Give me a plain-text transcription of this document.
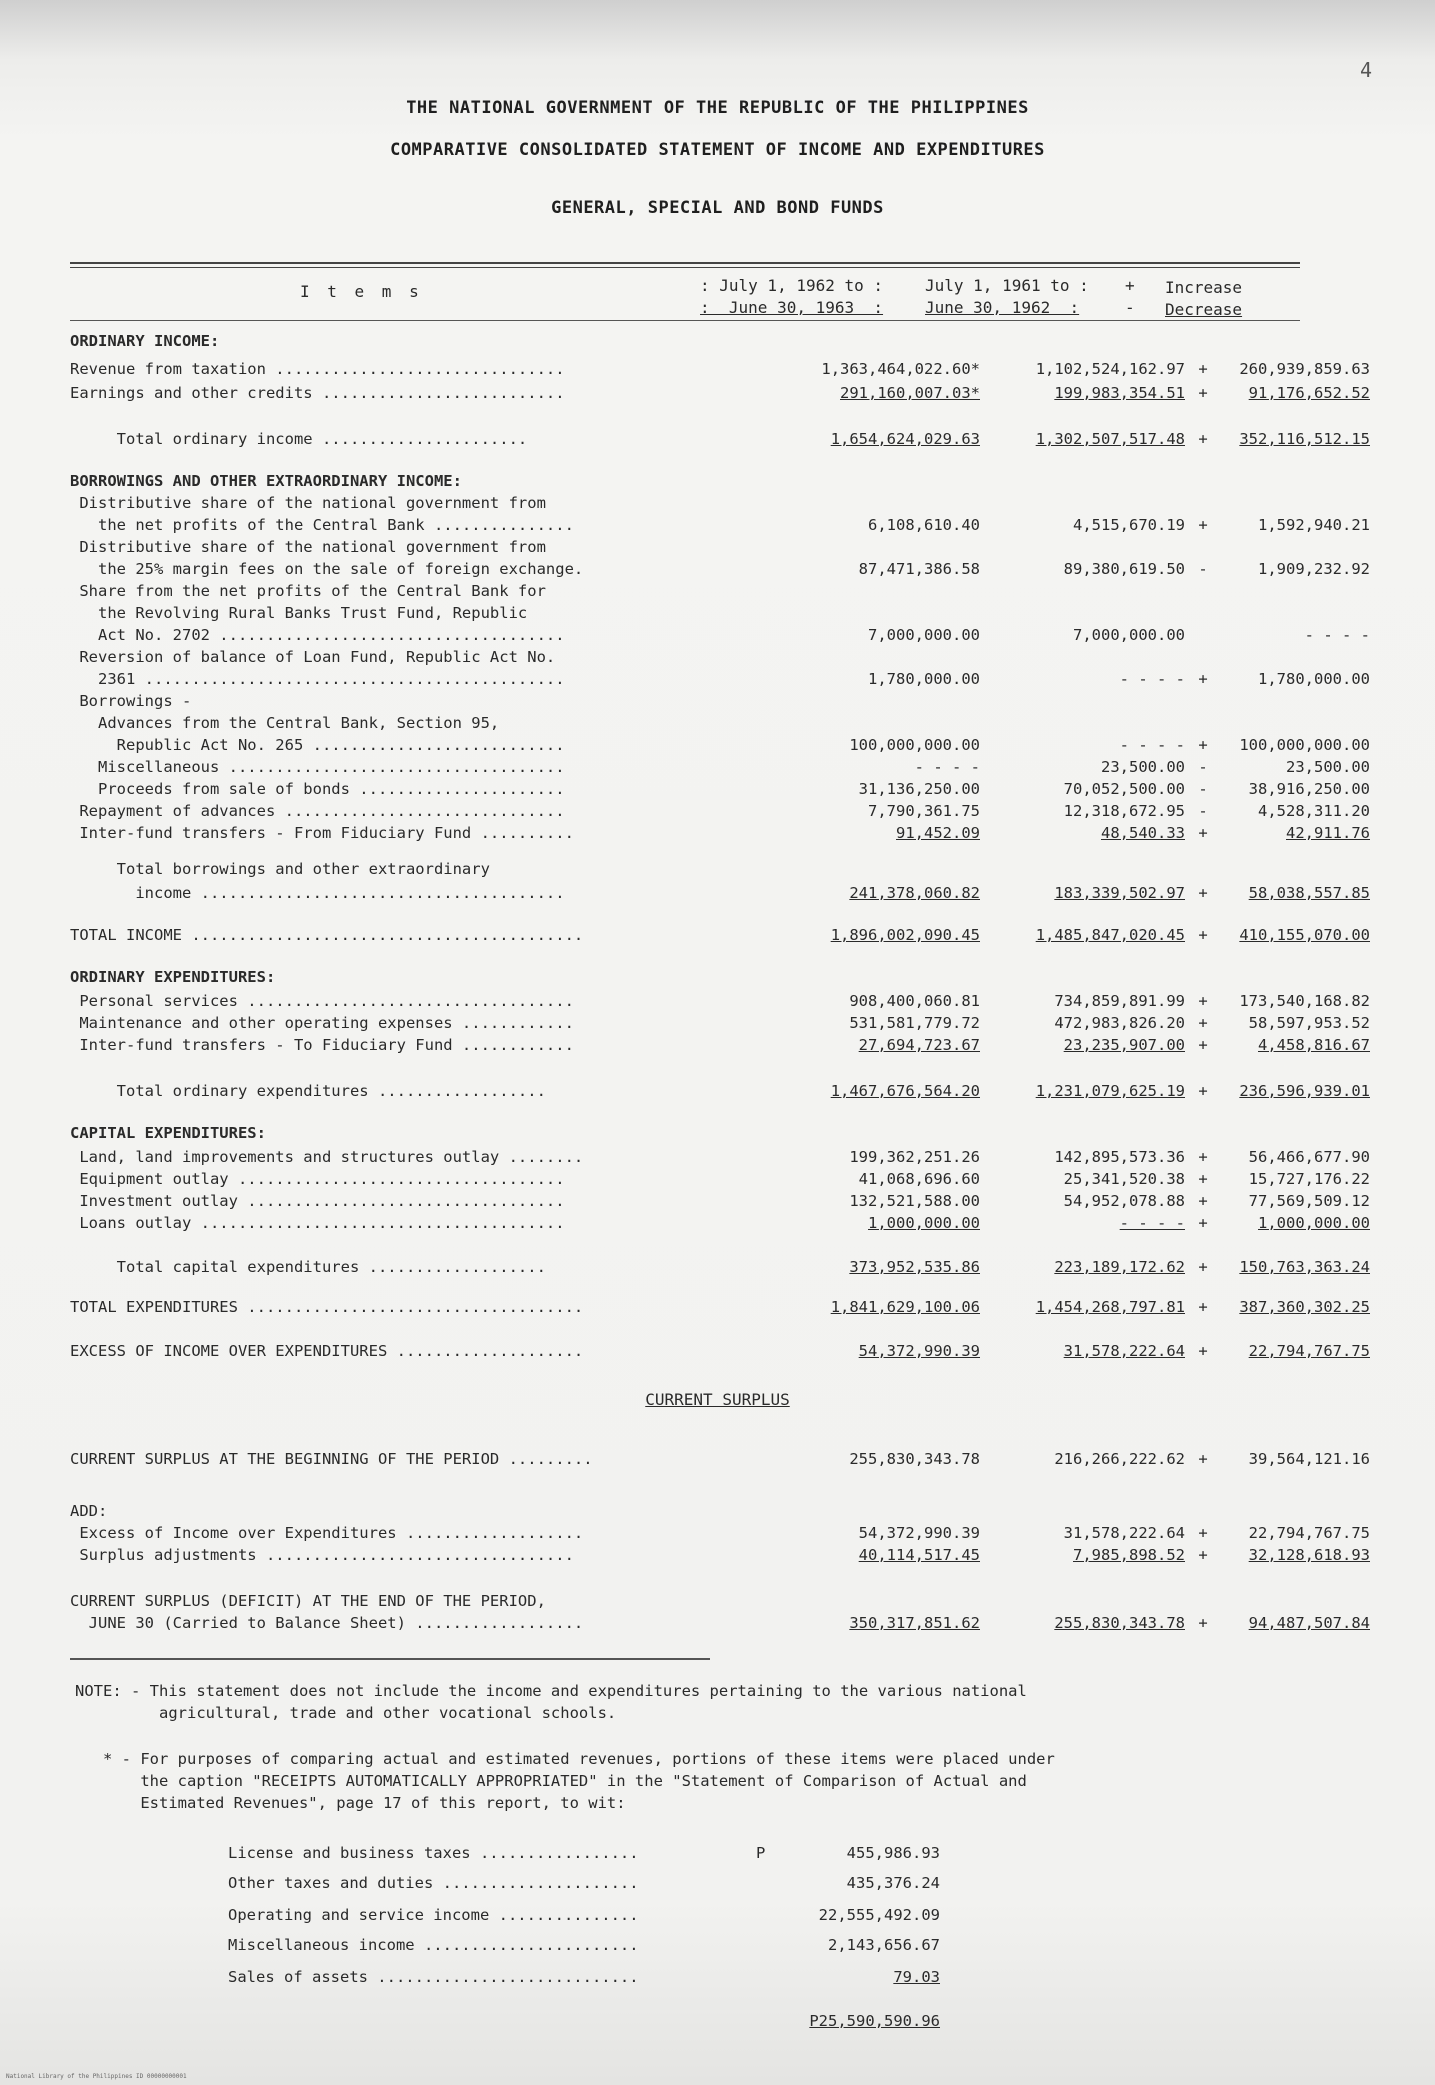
4
THE NATIONAL GOVERNMENT OF THE REPUBLIC OF THE PHILIPPINES
COMPARATIVE CONSOLIDATED STATEMENT OF INCOME AND EXPENDITURES
GENERAL, SPECIAL AND BOND FUNDS
I t e m s	: July 1, 1962 to :
:  June 30, 1963  :
July 1, 1961 to :
June 30, 1962  :
+
-
Increase
Decrease
ORDINARY INCOME:
Revenue from taxation ...............................	1,363,464,022.60*	1,102,524,162.97 +	260,939,859.63
Earnings and other credits ..........................	291,160,007.03*	199,983,354.51 +	91,176,652.52
Total ordinary income ......................	1,654,624,029.63	1,302,507,517.48 +	352,116,512.15
BORROWINGS AND OTHER EXTRAORDINARY INCOME:
Distributive share of the national government from
the net profits of the Central Bank ...............	6,108,610.40	4,515,670.19 +	1,592,940.21
Distributive share of the national government from
the 25% margin fees on the sale of foreign exchange.	87,471,386.58	89,380,619.50 -	1,909,232.92
Share from the net profits of the Central Bank for
the Revolving Rural Banks Trust Fund, Republic
Act No. 2702 .....................................	7,000,000.00	7,000,000.00	- - - -
Reversion of balance of Loan Fund, Republic Act No.
2361 .............................................	1,780,000.00	- - - - +	1,780,000.00
Borrowings -
Advances from the Central Bank, Section 95,
Republic Act No. 265 ...........................	100,000,000.00	- - - - +	100,000,000.00
Miscellaneous ....................................	- - - -	23,500.00 -	23,500.00
Proceeds from sale of bonds ......................	31,136,250.00	70,052,500.00 -	38,916,250.00
Repayment of advances ..............................	7,790,361.75	12,318,672.95 -	4,528,311.20
Inter-fund transfers - From Fiduciary Fund ..........	91,452.09	48,540.33 +	42,911.76
Total borrowings and other extraordinary
income .......................................	241,378,060.82	183,339,502.97 +	58,038,557.85
TOTAL INCOME ..........................................	1,896,002,090.45	1,485,847,020.45 +	410,155,070.00
ORDINARY EXPENDITURES:
Personal services ...................................	908,400,060.81	734,859,891.99 +	173,540,168.82
Maintenance and other operating expenses ............	531,581,779.72	472,983,826.20 +	58,597,953.52
Inter-fund transfers - To Fiduciary Fund ............	27,694,723.67	23,235,907.00 +	4,458,816.67
Total ordinary expenditures ..................	1,467,676,564.20	1,231,079,625.19 +	236,596,939.01
CAPITAL EXPENDITURES:
Land, land improvements and structures outlay ........	199,362,251.26	142,895,573.36 +	56,466,677.90
Equipment outlay ...................................	41,068,696.60	25,341,520.38 +	15,727,176.22
Investment outlay ..................................	132,521,588.00	54,952,078.88 +	77,569,509.12
Loans outlay .......................................	1,000,000.00	- - - - +	1,000,000.00
Total capital expenditures ...................	373,952,535.86	223,189,172.62 +	150,763,363.24
TOTAL EXPENDITURES ....................................	1,841,629,100.06	1,454,268,797.81 +	387,360,302.25
EXCESS OF INCOME OVER EXPENDITURES ....................	54,372,990.39	31,578,222.64 +	22,794,767.75
CURRENT SURPLUS
CURRENT SURPLUS AT THE BEGINNING OF THE PERIOD .........	255,830,343.78	216,266,222.62 +	39,564,121.16
ADD:
Excess of Income over Expenditures ...................	54,372,990.39	31,578,222.64 +	22,794,767.75
Surplus adjustments .................................	40,114,517.45	7,985,898.52 +	32,128,618.93
CURRENT SURPLUS (DEFICIT) AT THE END OF THE PERIOD,
JUNE 30 (Carried to Balance Sheet) ..................	350,317,851.62	255,830,343.78 +	94,487,507.84
NOTE: - This statement does not include the income and expenditures pertaining to the various national
agricultural, trade and other vocational schools.
* - For purposes of comparing actual and estimated revenues, portions of these items were placed under
the caption "RECEIPTS AUTOMATICALLY APPROPRIATED" in the "Statement of Comparison of Actual and
Estimated Revenues", page 17 of this report, to wit:
License and business taxes .................	P	455,986.93
Other taxes and duties .....................	435,376.24
Operating and service income ...............	22,555,492.09
Miscellaneous income .......................	2,143,656.67
Sales of assets ............................	79.03
P25,590,590.96
National Library of the Philippines ID 00000000001
